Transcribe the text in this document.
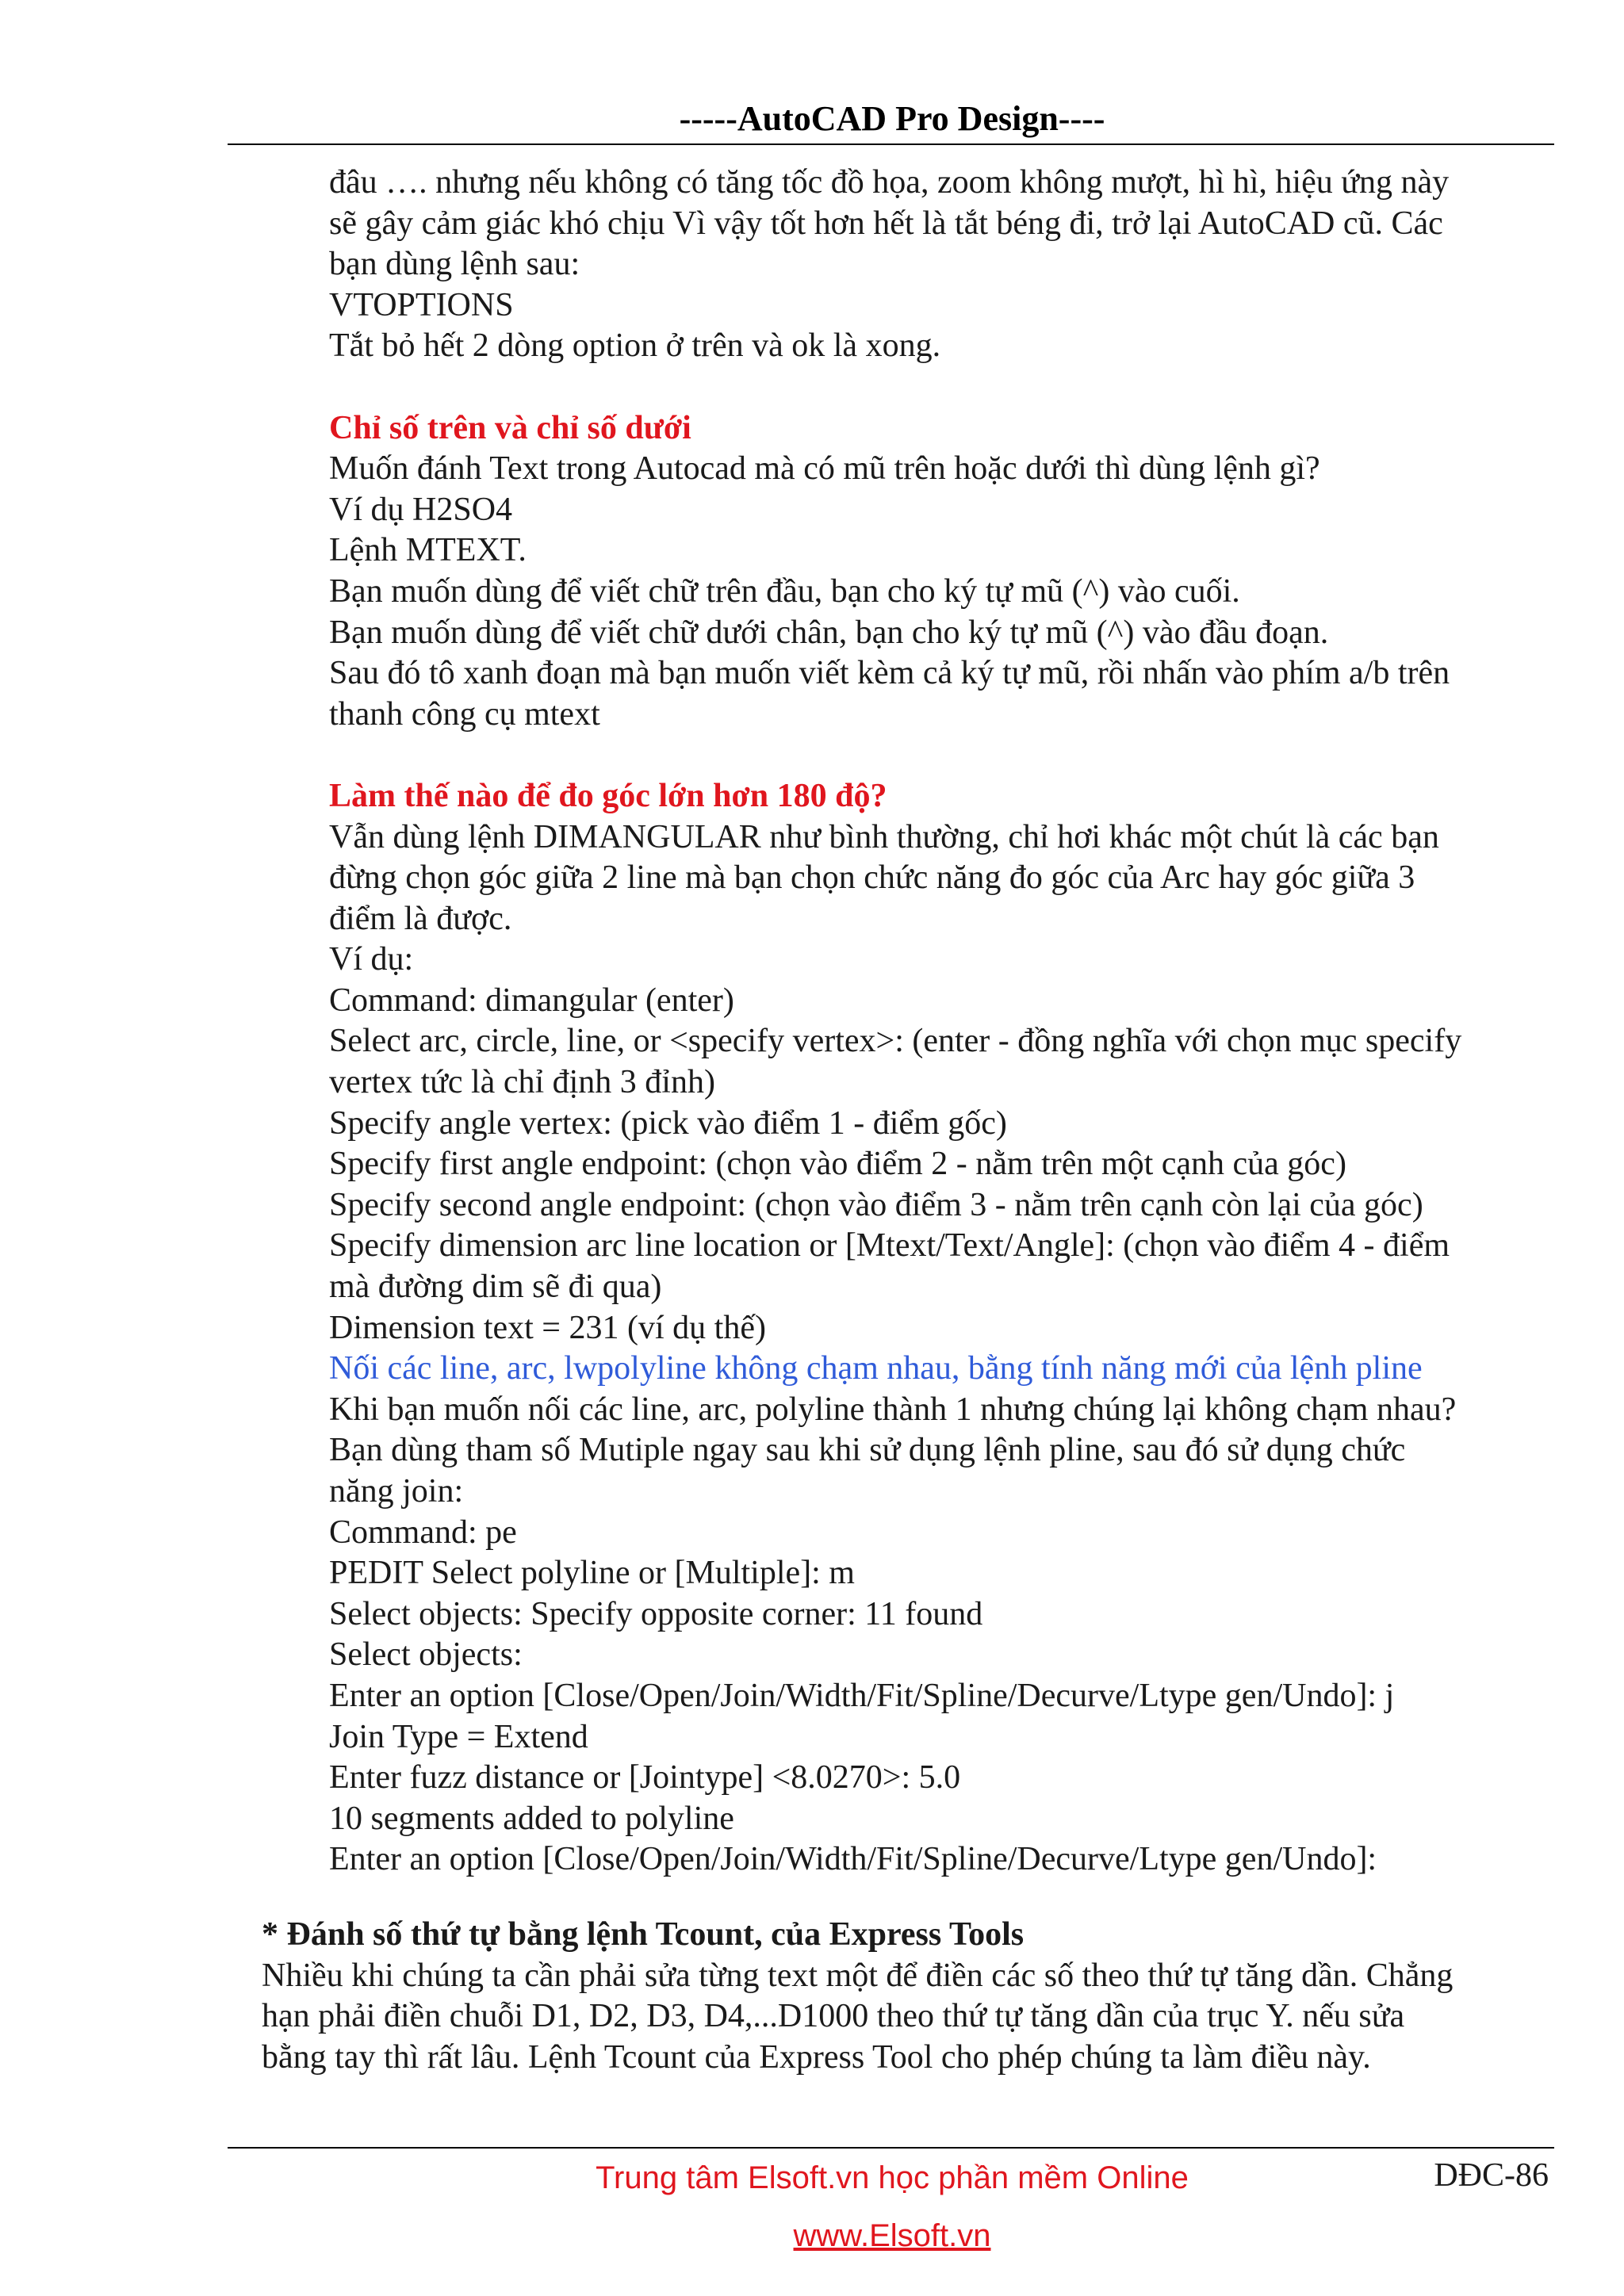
-----AutoCAD Pro Design----

đâu …. nhưng nếu không có tăng tốc đồ họa, zoom không mượt, hì hì, hiệu ứng này

sẽ gây cảm giác khó chịu Vì vậy tốt hơn hết là tắt béng đi, trở lại AutoCAD cũ. Các

bạn dùng lệnh sau:

VTOPTIONS

Tắt bỏ hết 2 dòng option ở trên và ok là xong.

Chỉ số trên và chỉ số dưới

Muốn đánh Text trong Autocad mà có mũ trên hoặc dưới thì dùng lệnh gì?

Ví dụ H2SO4

Lệnh MTEXT.

Bạn muốn dùng để viết chữ trên đầu, bạn cho ký tự mũ (^) vào cuối.

Bạn muốn dùng để viết chữ dưới chân, bạn cho ký tự mũ (^) vào đầu đoạn.

Sau đó tô xanh đoạn mà bạn muốn viết kèm cả ký tự mũ, rồi nhấn vào phím a/b trên

thanh công cụ mtext

Làm thế nào để đo góc lớn hơn 180 độ?

Vẫn dùng lệnh DIMANGULAR như bình thường, chỉ hơi khác một chút là các bạn

đừng chọn góc giữa 2 line mà bạn chọn chức năng đo góc của Arc hay góc giữa 3

điểm là được.

Ví dụ:

Command: dimangular (enter)

Select arc, circle, line, or <specify vertex>: (enter - đồng nghĩa với chọn mục specify

vertex tức là chỉ định 3 đỉnh)

Specify angle vertex: (pick vào điểm 1 - điểm gốc)

Specify first angle endpoint: (chọn vào điểm 2 - nằm trên một cạnh của góc)

Specify second angle endpoint: (chọn vào điểm 3 - nằm trên cạnh còn lại của góc)

Specify dimension arc line location or [Mtext/Text/Angle]: (chọn vào điểm 4 - điểm

mà đường dim sẽ đi qua)

Dimension text = 231 (ví dụ thế)

Nối các line, arc, lwpolyline không chạm nhau, bằng tính năng mới của lệnh pline

Khi bạn muốn nối các line, arc, polyline thành 1 nhưng chúng lại không chạm nhau?

Bạn dùng tham số Mutiple ngay sau khi sử dụng lệnh pline, sau đó sử dụng chức

năng join:

Command: pe

PEDIT Select polyline or [Multiple]: m

Select objects: Specify opposite corner: 11 found

Select objects:

Enter an option [Close/Open/Join/Width/Fit/Spline/Decurve/Ltype gen/Undo]: j

Join Type = Extend

Enter fuzz distance or [Jointype] <8.0270>: 5.0

10 segments added to polyline

Enter an option [Close/Open/Join/Width/Fit/Spline/Decurve/Ltype gen/Undo]:

* Đánh số thứ tự bằng lệnh Tcount, của Express Tools

Nhiều khi chúng ta cần phải sửa từng text một để điền các số theo thứ tự tăng dần. Chẳng

hạn phải điền chuỗi D1, D2, D3, D4,...D1000 theo thứ tự tăng dần của trục Y. nếu sửa

bằng tay thì rất lâu. Lệnh Tcount của Express Tool cho phép chúng ta làm điều này.

Trung tâm Elsoft.vn học phần mềm Online
www.Elsoft.vn
DĐC-86
